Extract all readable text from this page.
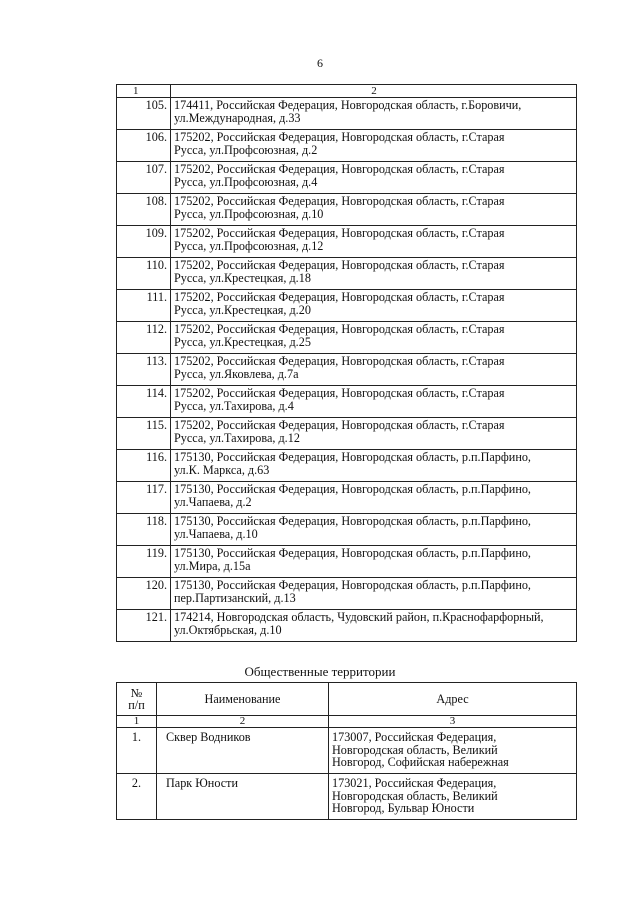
6
1	2
105.	174411, Российская Федерация, Новгородская область, г.Боровичи,
ул.Международная, д.33

106.	175202, Российская Федерация, Новгородская область, г.Старая
Русса, ул.Профсоюзная, д.2

107.	175202, Российская Федерация, Новгородская область, г.Старая
Русса, ул.Профсоюзная, д.4

108.	175202, Российская Федерация, Новгородская область, г.Старая
Русса, ул.Профсоюзная, д.10

109.	175202, Российская Федерация, Новгородская область, г.Старая
Русса, ул.Профсоюзная, д.12

110.	175202, Российская Федерация, Новгородская область, г.Старая
Русса, ул.Крестецкая, д.18

111.	175202, Российская Федерация, Новгородская область, г.Старая
Русса, ул.Крестецкая, д.20

112.	175202, Российская Федерация, Новгородская область, г.Старая
Русса, ул.Крестецкая, д.25

113.	175202, Российская Федерация, Новгородская область, г.Старая
Русса, ул.Яковлева, д.7а

114.	175202, Российская Федерация, Новгородская область, г.Старая
Русса, ул.Тахирова, д.4

115.	175202, Российская Федерация, Новгородская область, г.Старая
Русса, ул.Тахирова, д.12

116.	175130, Российская Федерация, Новгородская область, р.п.Парфино,
ул.К. Маркса, д.63

117.	175130, Российская Федерация, Новгородская область, р.п.Парфино,
ул.Чапаева, д.2

118.	175130, Российская Федерация, Новгородская область, р.п.Парфино,
ул.Чапаева, д.10

119.	175130, Российская Федерация, Новгородская область, р.п.Парфино,
ул.Мира, д.15а

120.	175130, Российская Федерация, Новгородская область, р.п.Парфино,
пер.Партизанский, д.13

121.	174214, Новгородская область, Чудовский район, п.Краснофарфорный,
ул.Октябрьская, д.10
Общественные территории
№
п/п	Наименование	Адрес
1	2	3
1.	Сквер Водников	173007, Российская Федерация,
Новгородская область, Великий
Новгород, Софийская набережная

2.	Парк Юности	173021, Российская Федерация,
Новгородская область, Великий
Новгород, Бульвар Юности
